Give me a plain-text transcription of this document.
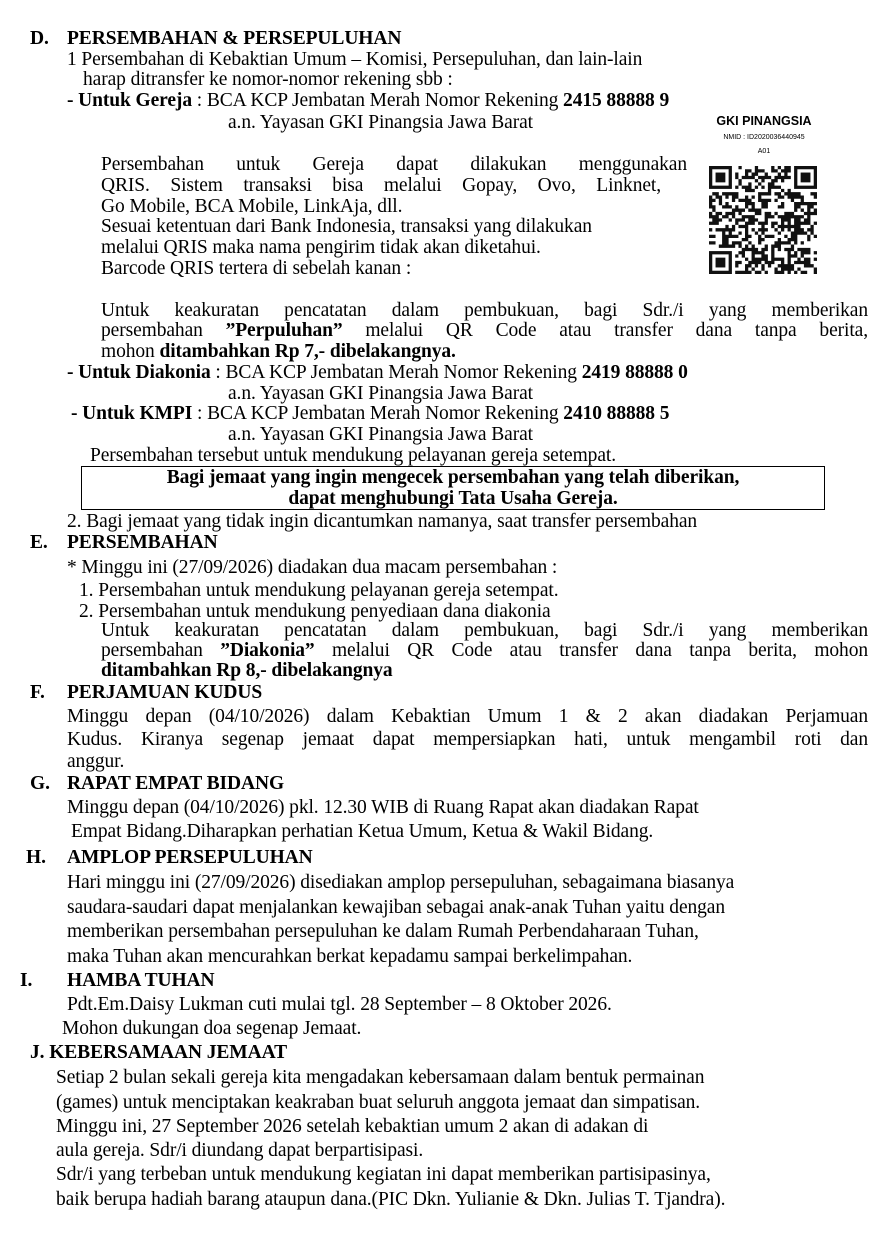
D. PERSEMBAHAN & PERSEPULUHAN
1 Persembahan di Kebaktian Umum – Komisi, Persepuluhan, dan lain-lain
harap ditransfer ke nomor-nomor rekening sbb :
- Untuk Gereja : BCA KCP Jembatan Merah Nomor Rekening 2415 88888 9
a.n. Yayasan GKI Pinangsia Jawa Barat
Persembahan untuk Gereja dapat dilakukan menggunakan
QRIS. Sistem transaksi bisa melalui Gopay, Ovo, Linknet,
Go Mobile, BCA Mobile, LinkAja, dll.
Sesuai ketentuan dari Bank Indonesia, transaksi yang dilakukan
melalui QRIS maka nama pengirim tidak akan diketahui.
Barcode QRIS tertera di sebelah kanan :
GKI PINANGSIA
NMID : ID2020036440945
A01
Untuk keakuratan pencatatan dalam pembukuan, bagi Sdr./i yang memberikan
persembahan ”Perpuluhan” melalui QR Code atau transfer dana tanpa berita,
mohon ditambahkan Rp 7,- dibelakangnya.
- Untuk Diakonia : BCA KCP Jembatan Merah Nomor Rekening 2419 88888 0
a.n. Yayasan GKI Pinangsia Jawa Barat
- Untuk KMPI : BCA KCP Jembatan Merah Nomor Rekening 2410 88888 5
a.n. Yayasan GKI Pinangsia Jawa Barat
Persembahan tersebut untuk mendukung pelayanan gereja setempat.
Bagi jemaat yang ingin mengecek persembahan yang telah diberikan,
dapat menghubungi Tata Usaha Gereja.
2. Bagi jemaat yang tidak ingin dicantumkan namanya, saat transfer persembahan
E. PERSEMBAHAN
* Minggu ini (27/09/2026) diadakan dua macam persembahan :
1. Persembahan untuk mendukung pelayanan gereja setempat.
2. Persembahan untuk mendukung penyediaan dana diakonia
Untuk keakuratan pencatatan dalam pembukuan, bagi Sdr./i yang memberikan
persembahan ”Diakonia” melalui QR Code atau transfer dana tanpa berita, mohon
ditambahkan Rp 8,- dibelakangnya
F. PERJAMUAN KUDUS
Minggu depan (04/10/2026) dalam Kebaktian Umum 1 & 2 akan diadakan Perjamuan
Kudus. Kiranya segenap jemaat dapat mempersiapkan hati, untuk mengambil roti dan
anggur.
G. RAPAT EMPAT BIDANG
Minggu depan (04/10/2026) pkl. 12.30 WIB di Ruang Rapat akan diadakan Rapat
Empat Bidang.Diharapkan perhatian Ketua Umum, Ketua & Wakil Bidang.
H. AMPLOP PERSEPULUHAN
Hari minggu ini (27/09/2026) disediakan amplop persepuluhan, sebagaimana biasanya
saudara-saudari dapat menjalankan kewajiban sebagai anak-anak Tuhan yaitu dengan
memberikan persembahan persepuluhan ke dalam Rumah Perbendaharaan Tuhan,
maka Tuhan akan mencurahkan berkat kepadamu sampai berkelimpahan.
I. HAMBA TUHAN
Pdt.Em.Daisy Lukman cuti mulai tgl. 28 September – 8 Oktober 2026.
Mohon dukungan doa segenap Jemaat.
J. KEBERSAMAAN JEMAAT
Setiap 2 bulan sekali gereja kita mengadakan kebersamaan dalam bentuk permainan
(games) untuk menciptakan keakraban buat seluruh anggota jemaat dan simpatisan.
Minggu ini, 27 September 2026 setelah kebaktian umum 2 akan di adakan di
aula gereja. Sdr/i diundang dapat berpartisipasi.
Sdr/i yang terbeban untuk mendukung kegiatan ini dapat memberikan partisipasinya,
baik berupa hadiah barang ataupun dana.(PIC Dkn. Yulianie & Dkn. Julias T. Tjandra).
